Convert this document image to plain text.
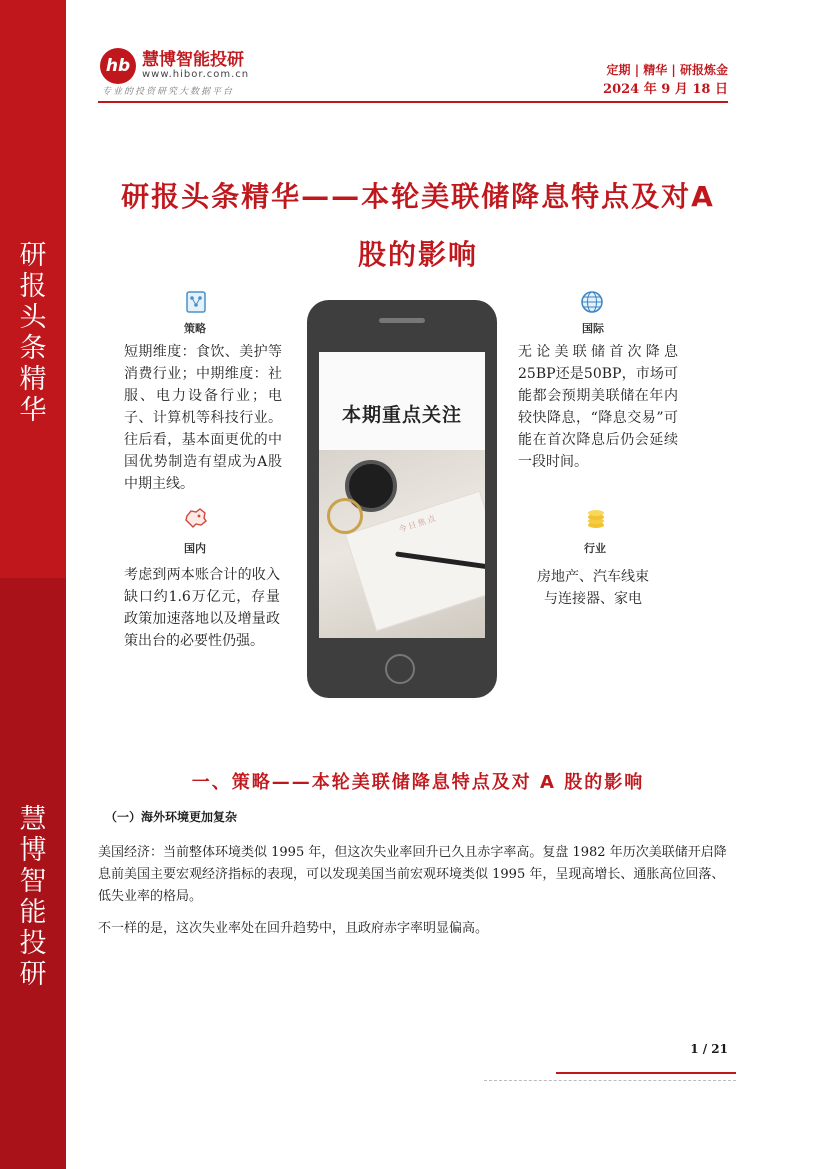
研
报
头
条
精
华
慧
博
智
能
投
研
hb 慧博智能投研
www.hibor.com.cn
专业的投资研究大数据平台
定期 | 精华 | 研报炼金
2024 年 9 月 18 日
研报头条精华——本轮美联储降息特点及对A
股的影响
本期重点关注
今日焦点
策略
短期维度：食饮、美护等消费行业；中期维度：社服、电力设备行业；电子、计算机等科技行业。往后看，基本面更优的中国优势制造有望成为A股中期主线。
国际
无论美联储首次降息25BP还是50BP，市场可能都会预期美联储在年内较快降息，“降息交易”可能在首次降息后仍会延续一段时间。
国内
考虑到两本账合计的收入缺口约1.6万亿元，存量政策加速落地以及增量政策出台的必要性仍强。
行业
房地产、汽车线束与连接器、家电
一、策略——本轮美联储降息特点及对 A 股的影响
（一）海外环境更加复杂
美国经济：当前整体环境类似 1995 年，但这次失业率回升已久且赤字率高。复盘 1982 年历次美联储开启降息前美国主要宏观经济指标的表现，可以发现美国当前宏观环境类似 1995 年，呈现高增长、通胀高位回落、低失业率的格局。
不一样的是，这次失业率处在回升趋势中，且政府赤字率明显偏高。
1 / 21
